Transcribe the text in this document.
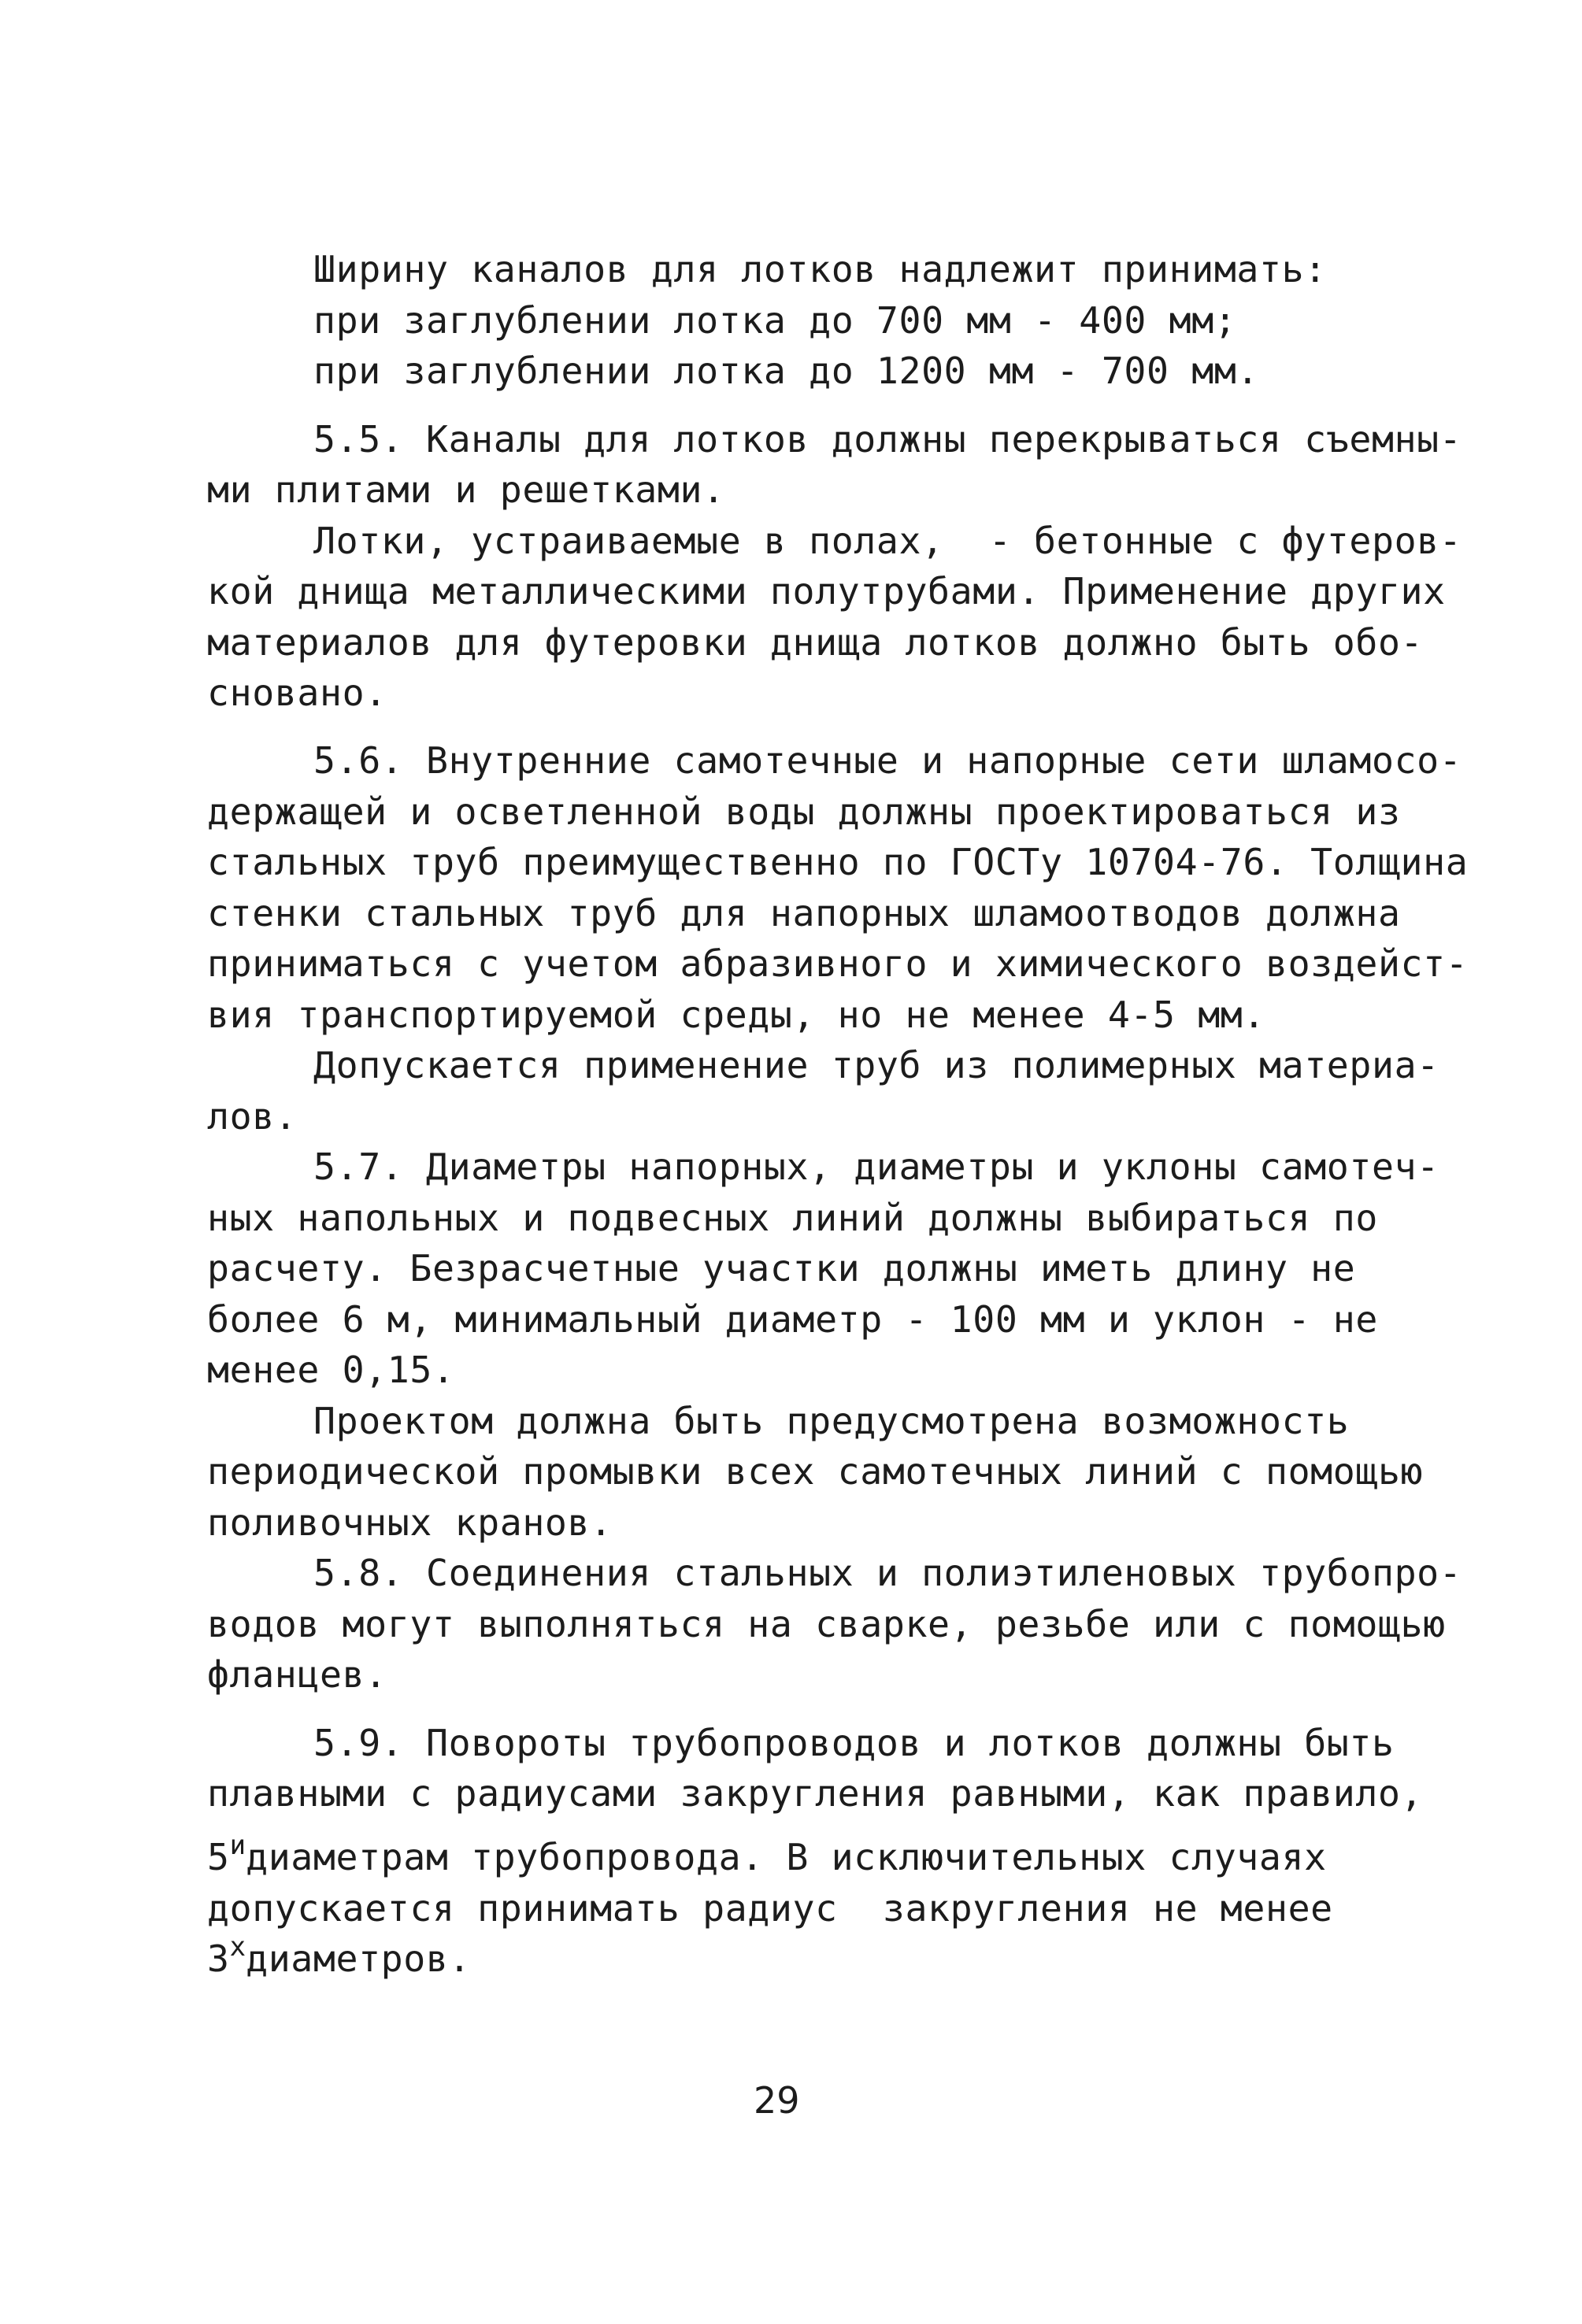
Ширину каналов для лотков надлежит принимать:
при заглублении лотка до 700 мм - 400 мм;
при заглублении лотка до 1200 мм - 700 мм.
5.5. Каналы для лотков должны перекрываться съемны-
ми плитами и решетками.
Лотки, устраиваемые в полах,  - бетонные с футеров-
кой днища металлическими полутрубами. Применение других
материалов для футеровки днища лотков должно быть обо-
сновано.
5.6. Внутренние самотечные и напорные сети шламосо-
держащей и осветленной воды должны проектироваться из
стальных труб преимущественно по ГОСТу 10704-76. Толщина
стенки стальных труб для напорных шламоотводов должна
приниматься с учетом абразивного и химического воздейст-
вия транспортируемой среды, но не менее 4-5 мм.
Допускается применение труб из полимерных материа-
лов.
5.7. Диаметры напорных, диаметры и уклоны самотеч-
ных напольных и подвесных линий должны выбираться по
расчету. Безрасчетные участки должны иметь длину не
более 6 м, минимальный диаметр - 100 мм и уклон - не
менее 0,15.
Проектом должна быть предусмотрена возможность
периодической промывки всех самотечных линий с помощью
поливочных кранов.
5.8. Соединения стальных и полиэтиленовых трубопро-
водов могут выполняться на сварке, резьбе или с помощью
фланцев.
5.9. Повороты трубопроводов и лотков должны быть
плавными с радиусами закругления равными, как правило,
$5^идиаметрам$ трубопровода. В исключительных случаях
допускается принимать радиус  закругления не менее
$3^хдиаметров$.
29
